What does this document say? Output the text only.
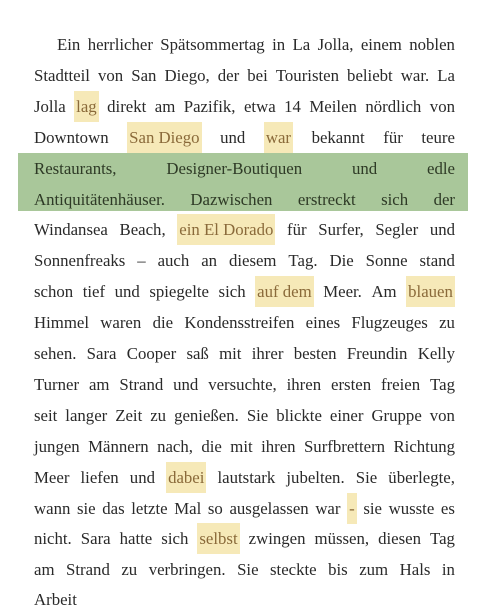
Ein herrlicher Spätsommertag in La Jolla, einem noblen
Stadtteil von San Diego, der bei Touristen beliebt war. La
Jolla lag direkt am Pazifik, etwa 14 Meilen nördlich von
Downtown San Diego und war bekannt für teure
Restaurants,	Designer-Boutiquen	und	edle
Antiquitätenhäuser. Dazwischen erstreckt sich der
Windansea Beach, ein El Dorado für Surfer, Segler und
Sonnenfreaks – auch an diesem Tag. Die Sonne stand
schon tief und spiegelte sich auf dem Meer. Am blauen
Himmel waren die Kondensstreifen eines Flugzeuges zu
sehen. Sara Cooper saß mit ihrer besten Freundin Kelly
Turner am Strand und versuchte, ihren ersten freien Tag
seit langer Zeit zu genießen. Sie blickte einer Gruppe von
jungen Männern nach, die mit ihren Surfbrettern Richtung
Meer liefen und dabei lautstark jubelten. Sie überlegte,
wann sie das letzte Mal so ausgelassen war - sie wusste es
nicht. Sara hatte sich selbst zwingen müssen, diesen Tag
am Strand zu verbringen. Sie steckte bis zum Hals in
Arbeit
